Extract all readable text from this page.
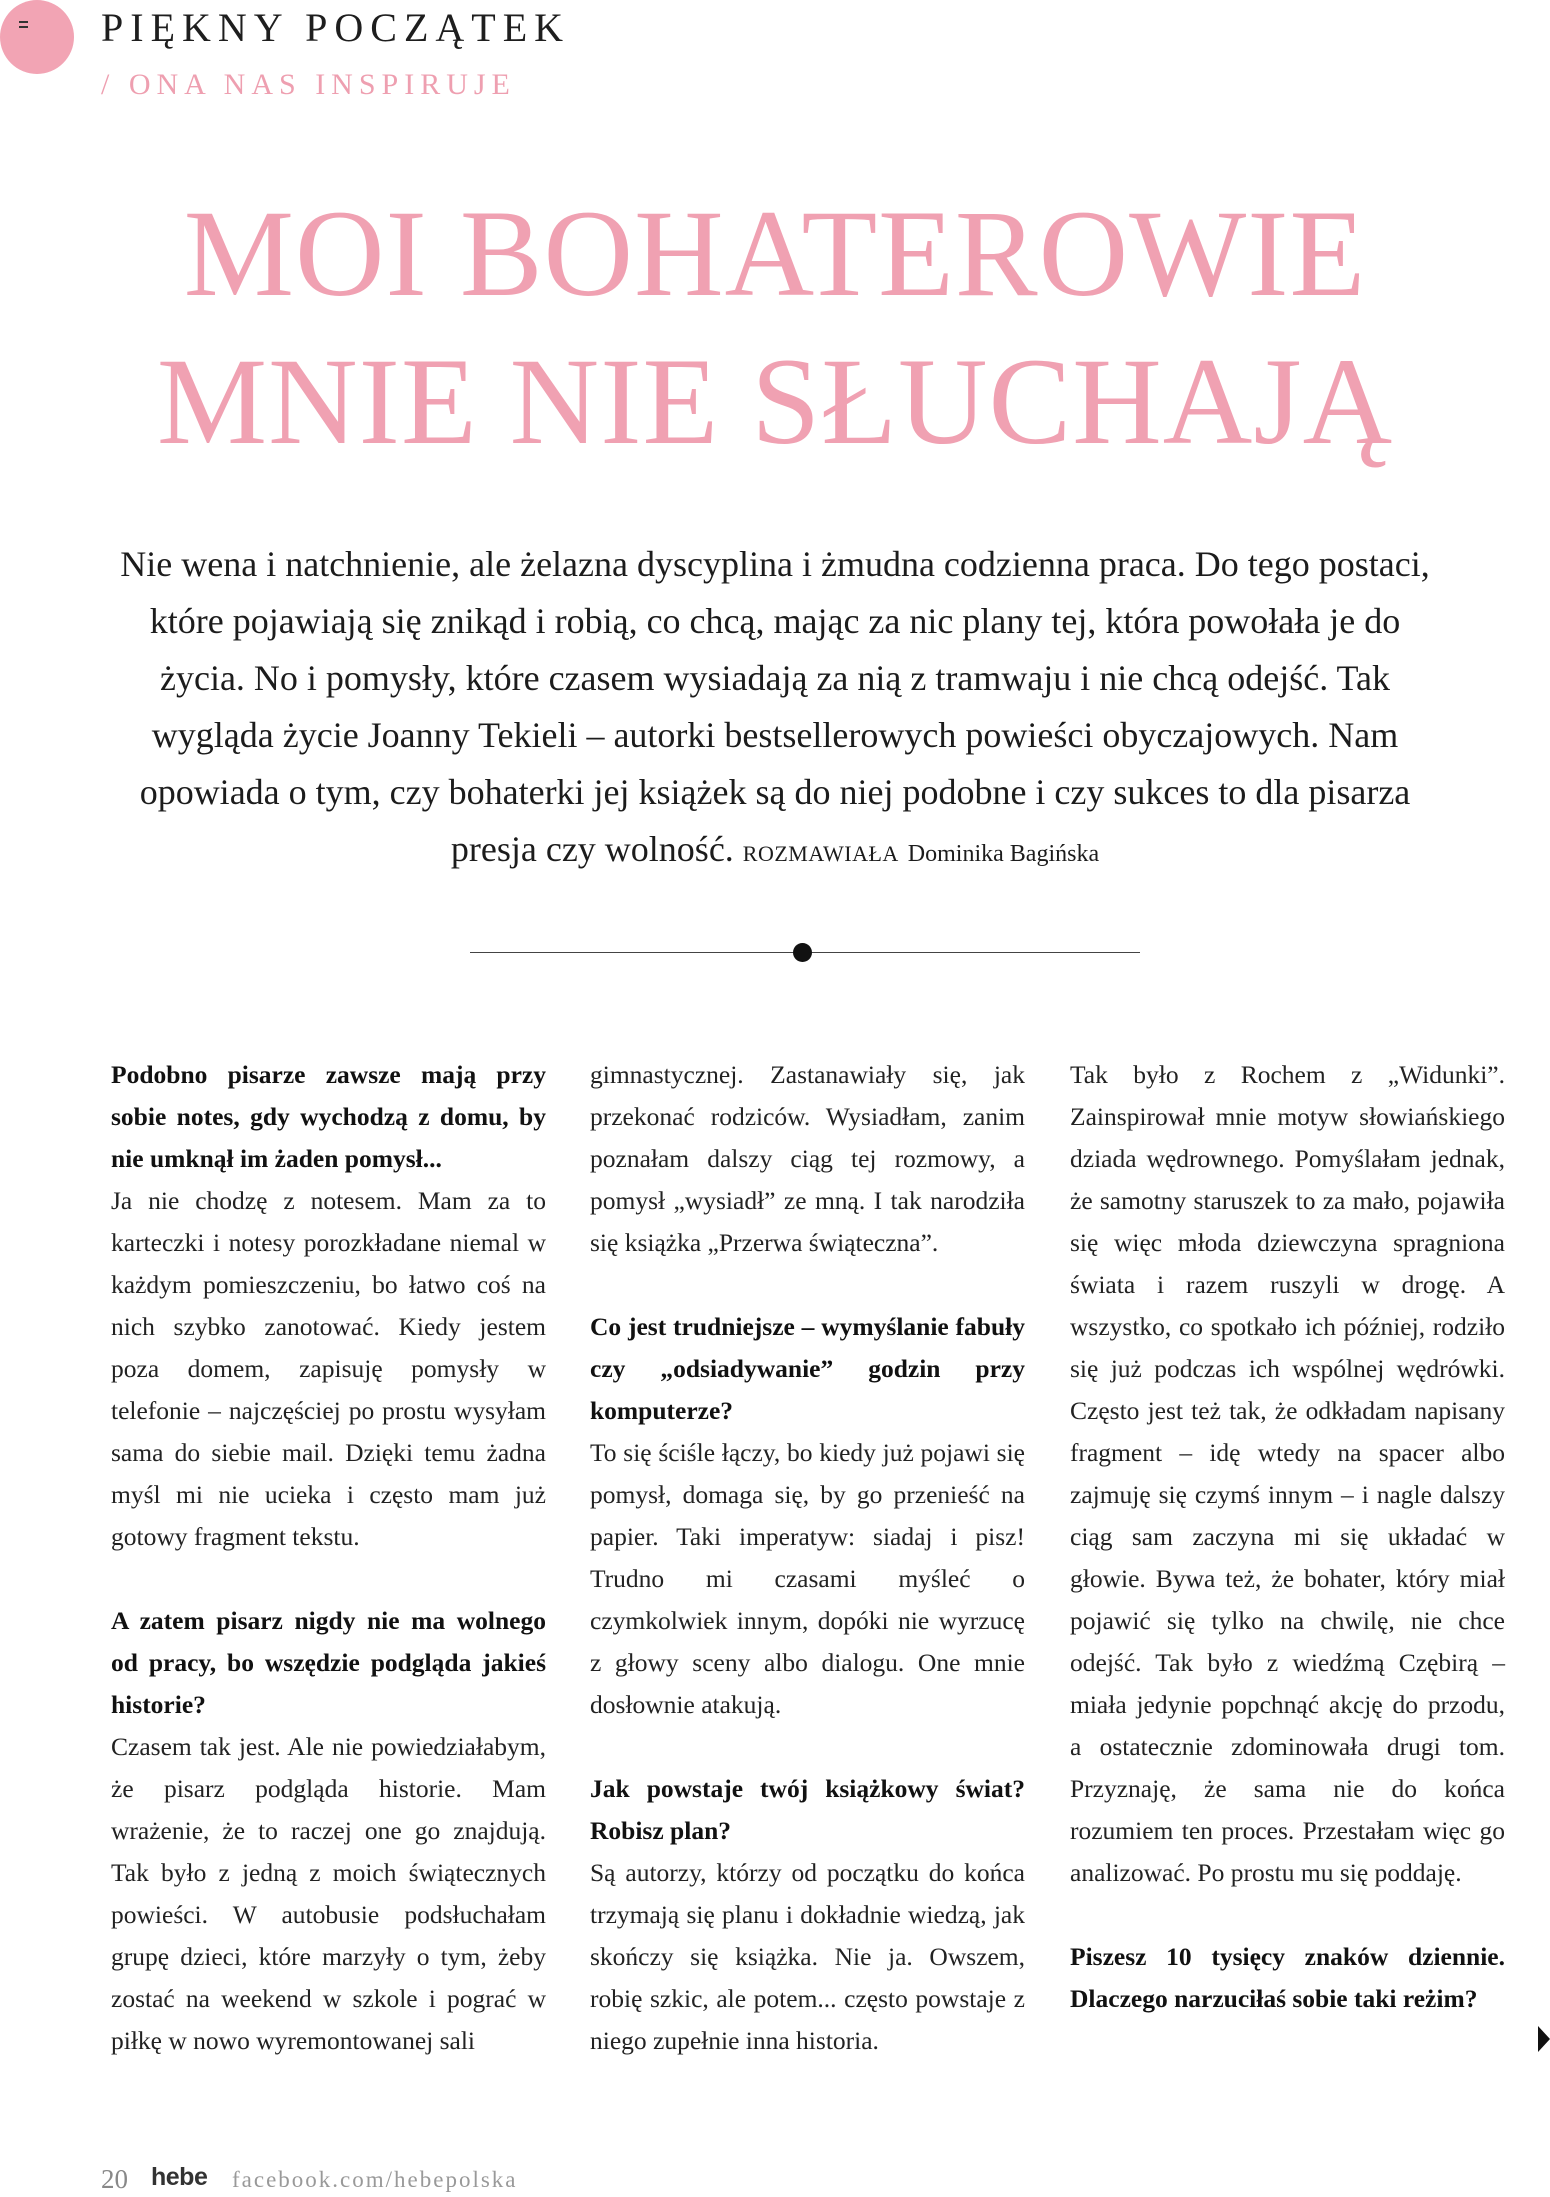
PIĘKNY POCZĄTEK
/ ONA NAS INSPIRUJE
MOI BOHATEROWIE
MNIE NIE SŁUCHAJĄ

Nie wena i natchnienie, ale żelazna dyscyplina i żmudna codzienna praca. Do tego postaci, które pojawiają się znikąd i robią, co chcą, mając za nic plany tej, która powołała je do życia. No i pomysły, które czasem wysiadają za nią z tramwaju i nie chcą odejść. Tak wygląda życie Joanny Tekieli – autorki bestsellerowych powieści obyczajowych. Nam opowiada o tym, czy bohaterki jej książek są do niej podobne i czy sukces to dla pisarza presja czy wolność. ROZMAWIAŁA Dominika Bagińska

Podobno pisarze zawsze mają przy sobie notes, gdy wychodzą z domu, by nie umknął im żaden pomysł...
Ja nie chodzę z notesem. Mam za to karteczki i notesy porozkładane niemal w każdym pomieszczeniu, bo łatwo coś na nich szybko zanotować. Kiedy jestem poza domem, zapisuję pomysły w telefonie – najczęściej po prostu wysyłam sama do siebie mail. Dzięki temu żadna myśl mi nie ucieka i często mam już gotowy fragment tekstu.

A zatem pisarz nigdy nie ma wolnego od pracy, bo wszędzie podgląda jakieś historie?
Czasem tak jest. Ale nie powiedziałabym, że pisarz podgląda historie. Mam wrażenie, że to raczej one go znajdują. Tak było z jedną z moich świątecznych powieści. W autobusie podsłuchałam grupę dzieci, które marzyły o tym, żeby zostać na weekend w szkole i pograć w piłkę w nowo wyremontowanej sali

gimnastycznej. Zastanawiały się, jak przekonać rodziców. Wysiadłam, zanim poznałam dalszy ciąg tej rozmowy, a pomysł „wysiadł” ze mną. I tak narodziła się książka „Przerwa świąteczna”.

Co jest trudniejsze – wymyślanie fabuły czy „odsiadywanie” godzin przy komputerze?
To się ściśle łączy, bo kiedy już pojawi się pomysł, domaga się, by go przenieść na papier. Taki imperatyw: siadaj i pisz! Trudno mi czasami myśleć o czymkolwiek innym, dopóki nie wyrzucę z głowy sceny albo dialogu. One mnie dosłownie atakują.

Jak powstaje twój książkowy świat? Robisz plan?
Są autorzy, którzy od początku do końca trzymają się planu i dokładnie wiedzą, jak skończy się książka. Nie ja. Owszem, robię szkic, ale potem... często powstaje z niego zupełnie inna historia.

Tak było z Rochem z „Widunki”. Zainspirował mnie motyw słowiańskiego dziada wędrownego. Pomyślałam jednak, że samotny staruszek to za mało, pojawiła się więc młoda dziewczyna spragniona świata i razem ruszyli w drogę. A wszystko, co spotkało ich później, rodziło się już podczas ich wspólnej wędrówki. Często jest też tak, że odkładam napisany fragment – idę wtedy na spacer albo zajmuję się czymś innym – i nagle dalszy ciąg sam zaczyna mi się układać w głowie. Bywa też, że bohater, który miał pojawić się tylko na chwilę, nie chce odejść. Tak było z wiedźmą Czębirą – miała jedynie popchnąć akcję do przodu, a ostatecznie zdominowała drugi tom. Przyznaję, że sama nie do końca rozumiem ten proces. Przestałam więc go analizować. Po prostu mu się poddaję.

Piszesz 10 tysięcy znaków dziennie. Dlaczego narzuciłaś sobie taki reżim?

20 hebe facebook.com/hebepolska
